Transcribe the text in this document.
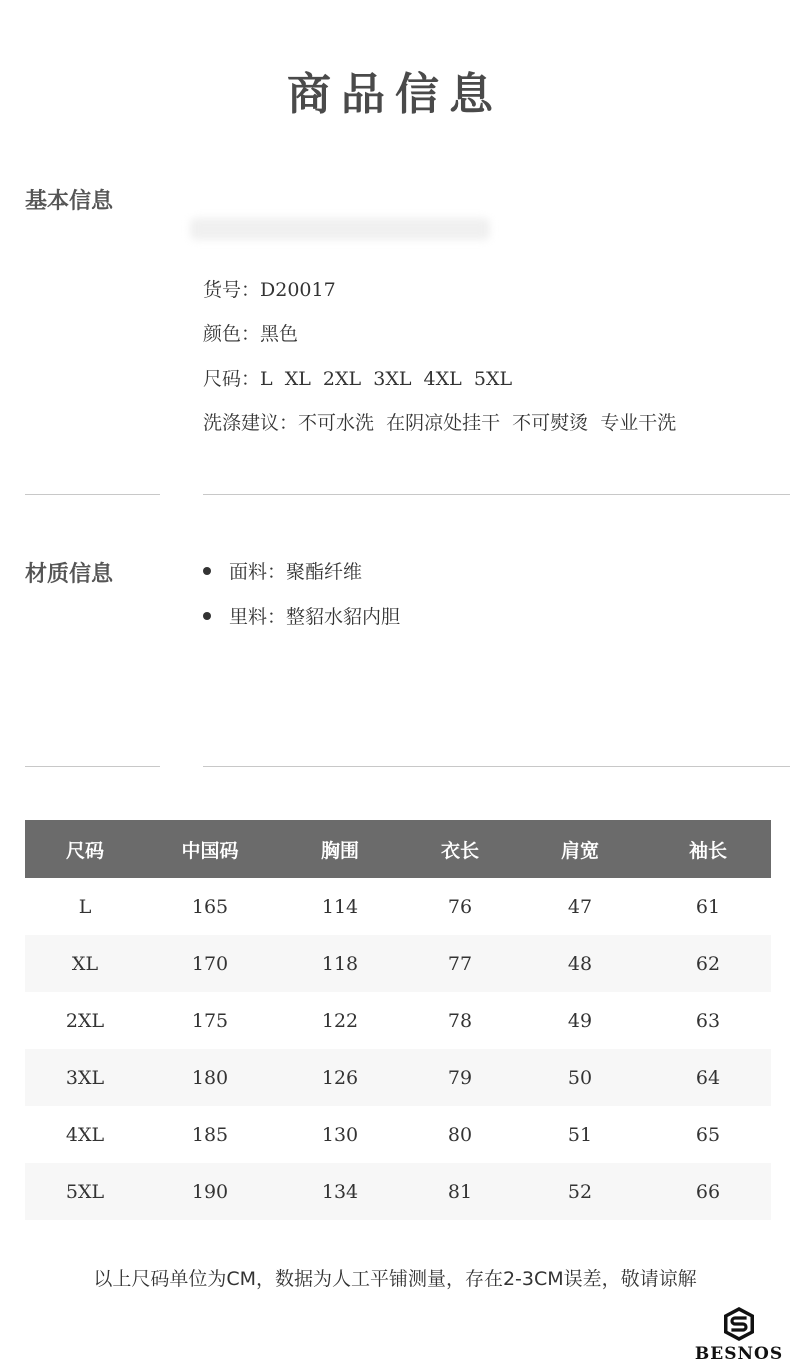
商品信息
基本信息
货号：D20017
颜色：黑色
尺码：L  XL  2XL  3XL  4XL  5XL
洗涤建议：不可水洗  在阴凉处挂干  不可熨烫  专业干洗
材质信息	面料：聚酯纤维
里料：整貂水貂内胆
尺码	中国码	胸围	衣长	肩宽	袖长
L	165	114	76	47	61
XL	170	118	77	48	62
2XL	175	122	78	49	63
3XL	180	126	79	50	64
4XL	185	130	80	51	65
5XL	190	134	81	52	66
以上尺码单位为CM，数据为人工平铺测量，存在2-3CM误差，敬请谅解
BESNOS
